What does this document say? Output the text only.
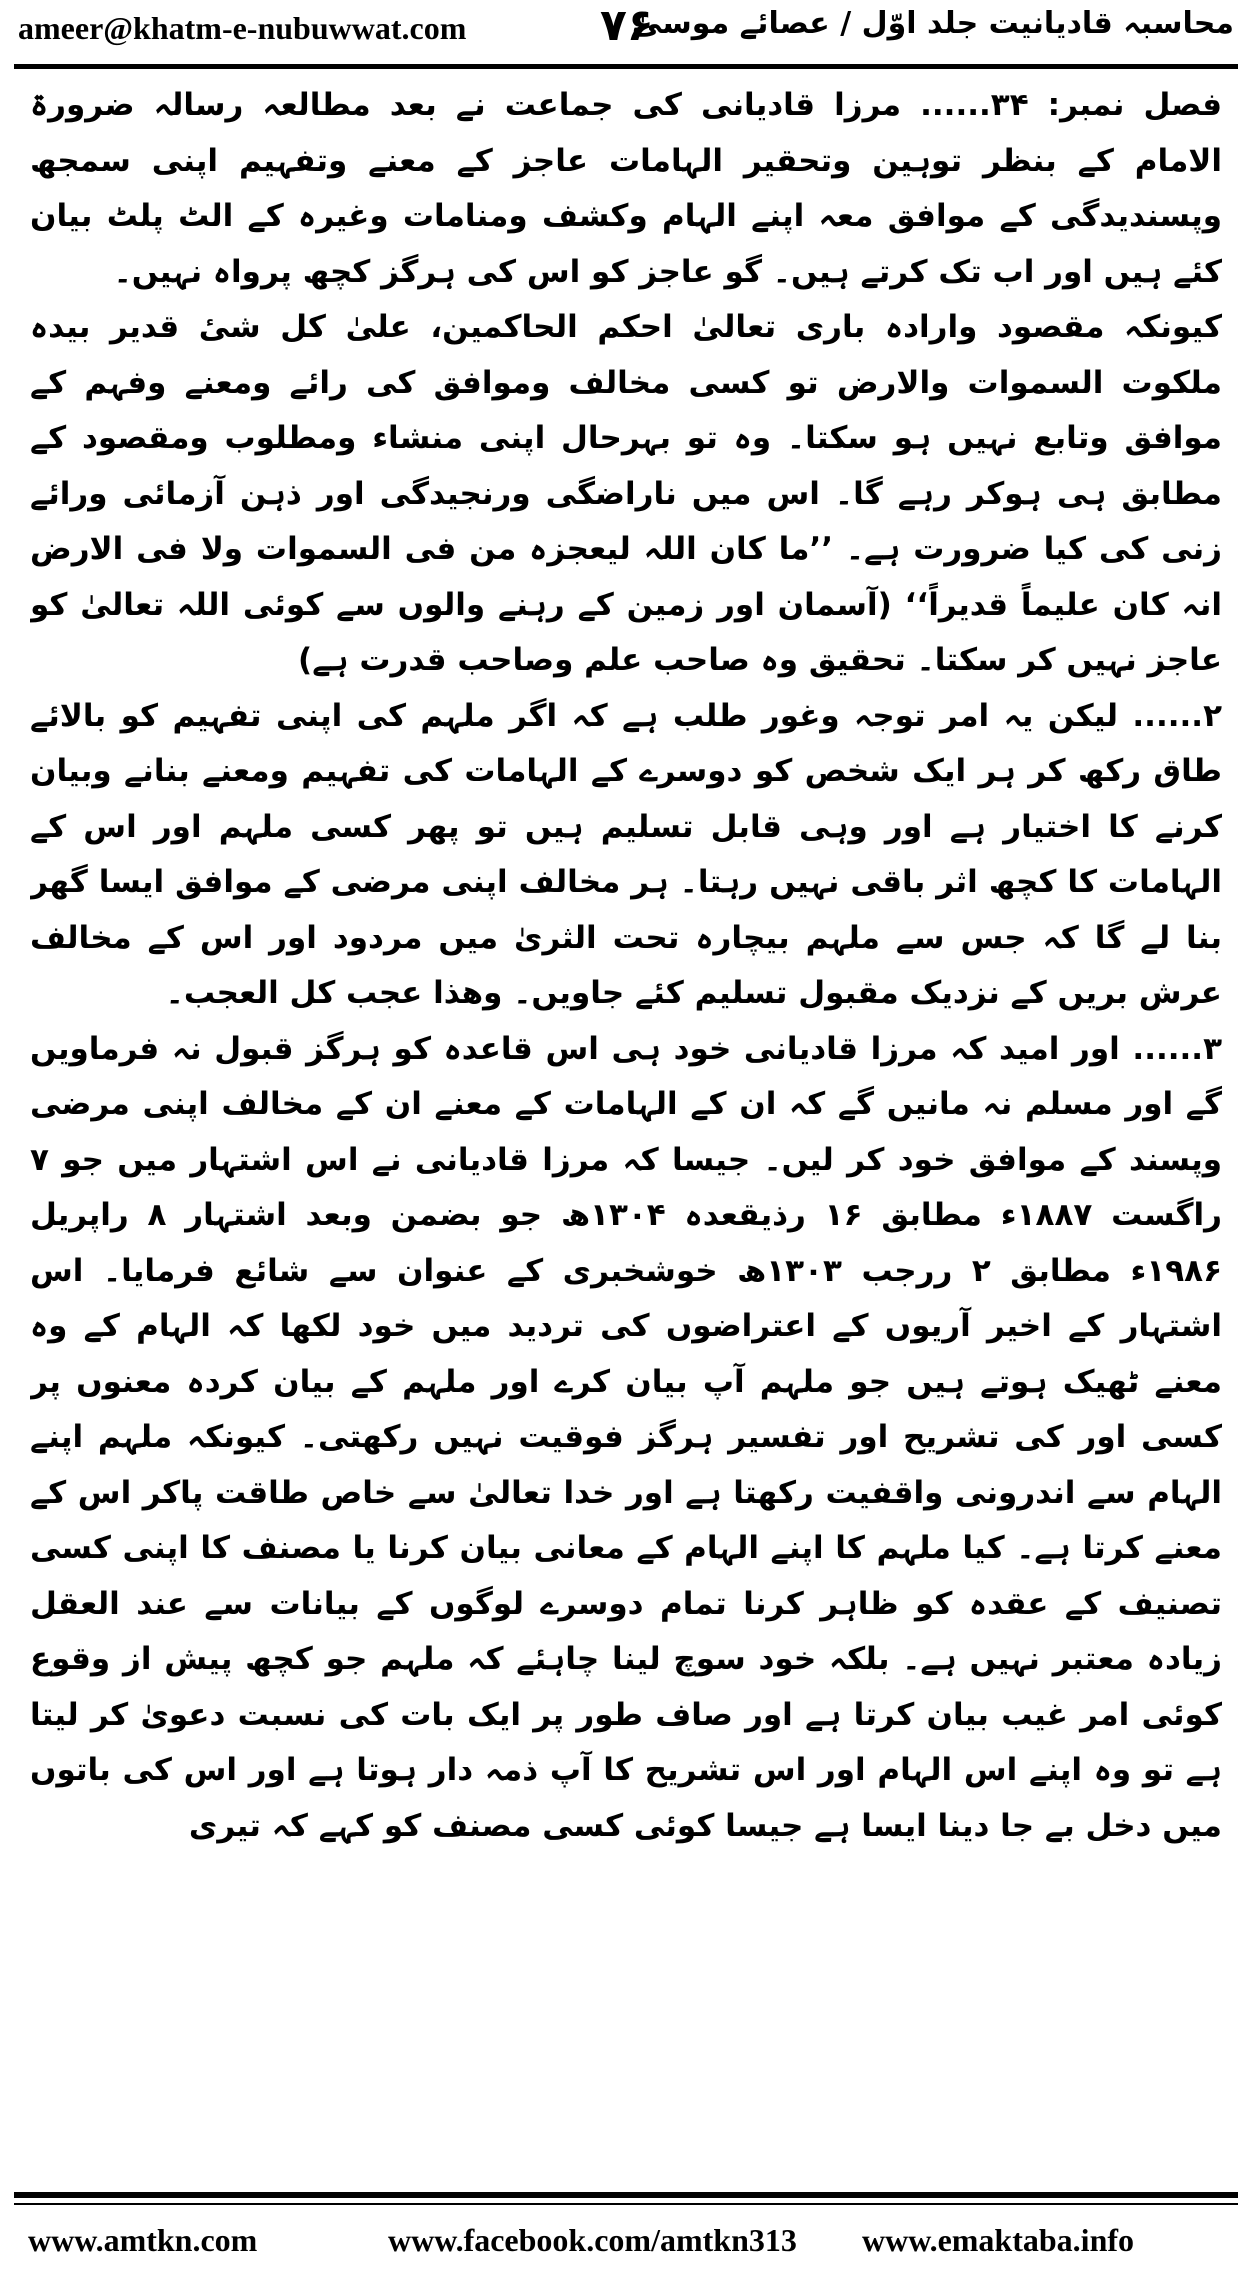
ameer@khatm-e-nubuwwat.com	۷۶
محاسبہ قادیانیت جلد اوّل / عصائے موسیٰ

فصل نمبر: ۳۴...... مرزا قادیانی کی جماعت نے بعد مطالعہ رسالہ ضرورۃ الامام کے بنظر توہین وتحقیر الہامات عاجز کے معنے وتفہیم اپنی سمجھ وپسندیدگی کے موافق معہ اپنے الہام وکشف ومنامات وغیرہ کے الٹ پلٹ بیان کئے ہیں اور اب تک کرتے ہیں۔ گو عاجز کو اس کی ہرگز کچھ پرواہ نہیں۔

کیونکہ مقصود وارادہ باری تعالیٰ احکم الحاکمین، علیٰ کل شیٔ قدیر بیدہ ملکوت السموات والارض تو کسی مخالف وموافق کی رائے ومعنے وفہم کے موافق وتابع نہیں ہو سکتا۔ وہ تو بہرحال اپنی منشاء ومطلوب ومقصود کے مطابق ہی ہوکر رہے گا۔ اس میں ناراضگی ورنجیدگی اور ذہن آزمائی ورائے زنی کی کیا ضرورت ہے۔ ’’ما کان اللہ لیعجزہ من فی السموات ولا فی الارض انہ کان علیماً قدیراً‘‘ (آسمان اور زمین کے رہنے والوں سے کوئی اللہ تعالیٰ کو عاجز نہیں کر سکتا۔ تحقیق وہ صاحب علم وصاحب قدرت ہے)

۲...... لیکن یہ امر توجہ وغور طلب ہے کہ اگر ملہم کی اپنی تفہیم کو بالائے طاق رکھ کر ہر ایک شخص کو دوسرے کے الہامات کی تفہیم ومعنے بنانے وبیان کرنے کا اختیار ہے اور وہی قابل تسلیم ہیں تو پھر کسی ملہم اور اس کے الہامات کا کچھ اثر باقی نہیں رہتا۔ ہر مخالف اپنی مرضی کے موافق ایسا گھر بنا لے گا کہ جس سے ملہم بیچارہ تحت الثریٰ میں مردود اور اس کے مخالف عرش بریں کے نزدیک مقبول تسلیم کئے جاویں۔ وھذا عجب کل العجب۔

۳...... اور امید کہ مرزا قادیانی خود ہی اس قاعدہ کو ہرگز قبول نہ فرماویں گے اور مسلم نہ مانیں گے کہ ان کے الہامات کے معنے ان کے مخالف اپنی مرضی وپسند کے موافق خود کر لیں۔ جیسا کہ مرزا قادیانی نے اس اشتہار میں جو ۷ راگست ۱۸۸۷ء مطابق ۱۶ رذیقعدہ ۱۳۰۴ھ جو بضمن وبعد اشتہار ۸ راپریل ۱۹۸۶ء مطابق ۲ ررجب ۱۳۰۳ھ خوشخبری کے عنوان سے شائع فرمایا۔ اس اشتہار کے اخیر آریوں کے اعتراضوں کی تردید میں خود لکھا کہ الہام کے وہ معنے ٹھیک ہوتے ہیں جو ملہم آپ بیان کرے اور ملہم کے بیان کردہ معنوں پر کسی اور کی تشریح اور تفسیر ہرگز فوقیت نہیں رکھتی۔ کیونکہ ملہم اپنے الہام سے اندرونی واقفیت رکھتا ہے اور خدا تعالیٰ سے خاص طاقت پاکر اس کے معنے کرتا ہے۔ کیا ملہم کا اپنے الہام کے معانی بیان کرنا یا مصنف کا اپنی کسی تصنیف کے عقدہ کو ظاہر کرنا تمام دوسرے لوگوں کے بیانات سے عند العقل زیادہ معتبر نہیں ہے۔ بلکہ خود سوچ لینا چاہئے کہ ملہم جو کچھ پیش از وقوع کوئی امر غیب بیان کرتا ہے اور صاف طور پر ایک بات کی نسبت دعویٰ کر لیتا ہے تو وہ اپنے اس الہام اور اس تشریح کا آپ ذمہ دار ہوتا ہے اور اس کی باتوں میں دخل بے جا دینا ایسا ہے جیسا کوئی کسی مصنف کو کہے کہ تیری

www.amtkn.com	www.facebook.com/amtkn313 www.emaktaba.info
